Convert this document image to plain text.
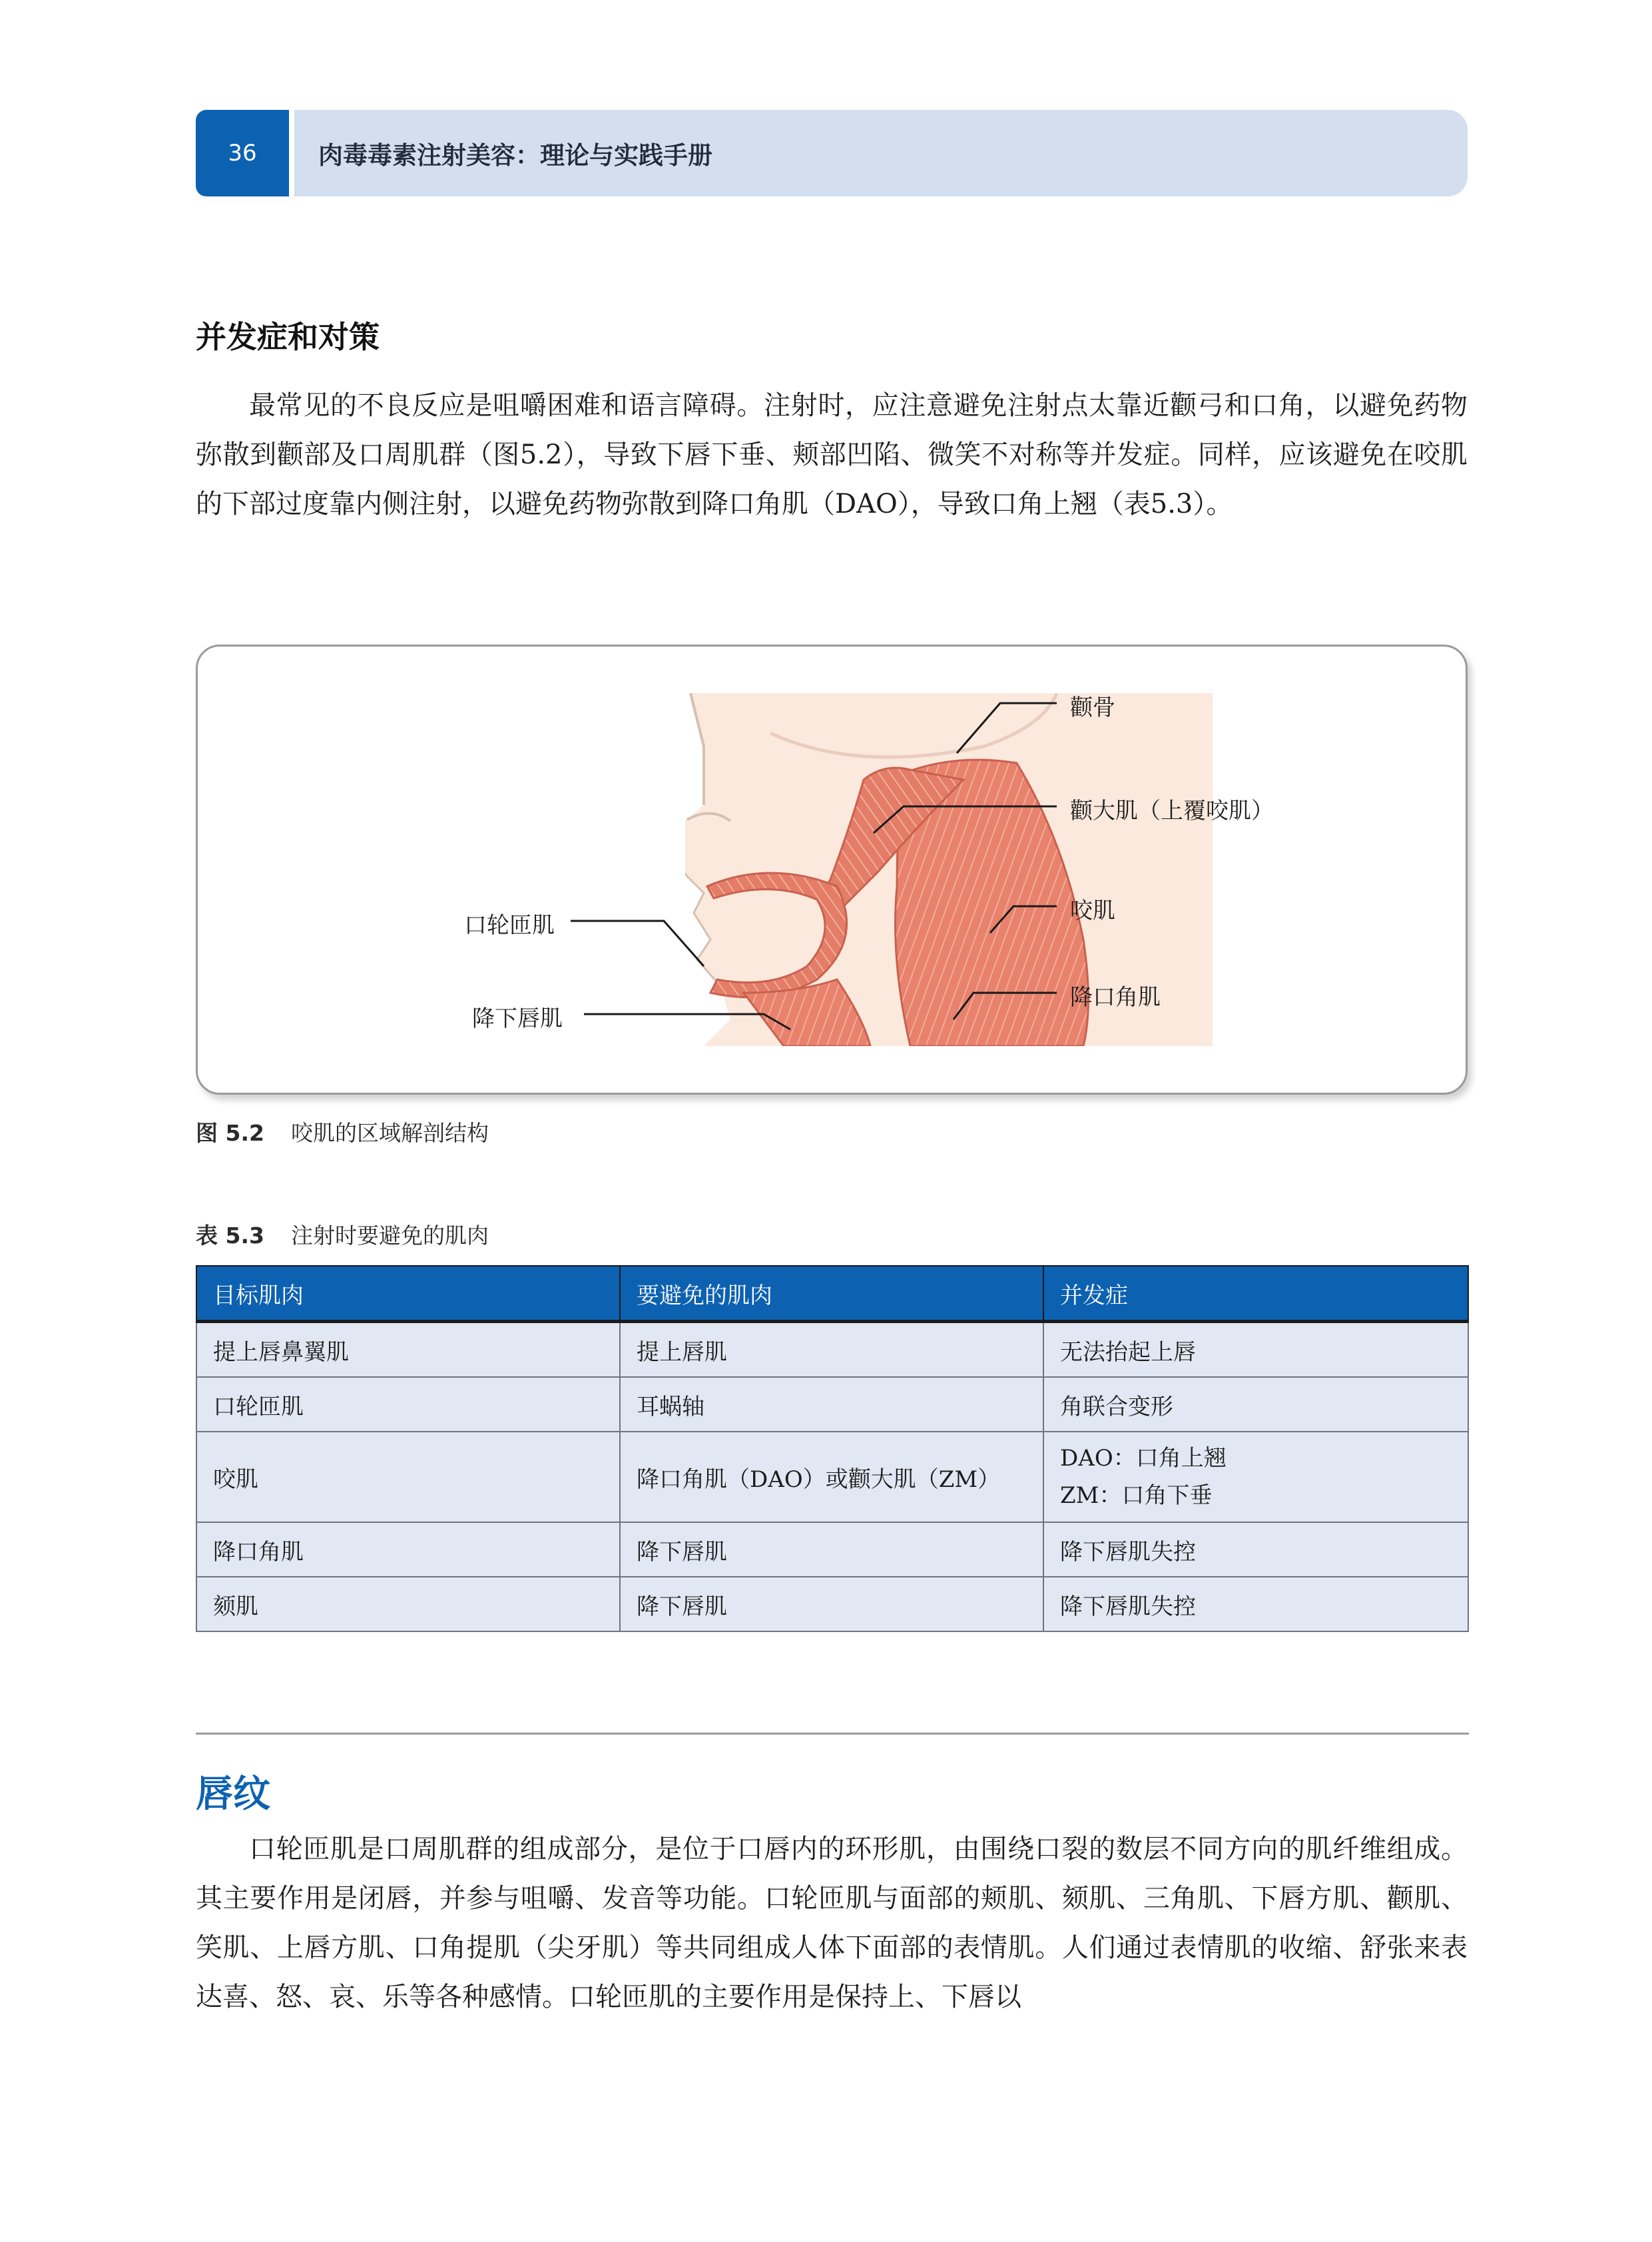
36	肉毒毒素注射美容：理论与实践手册
并发症和对策
最常见的不良反应是咀嚼困难和语言障碍。注射时，应注意避免注射点太靠近颧弓和口角，以避免药物弥散到颧部及口周肌群（图5.2），导致下唇下垂、颊部凹陷、微笑不对称等并发症。同样，应该避免在咬肌的下部过度靠内侧注射，以避免药物弥散到降口角肌（DAO），导致口角上翘（表5.3）。
颧骨
颧大肌（上覆咬肌）
咬肌
降口角肌
口轮匝肌
降下唇肌
图 5.2 咬肌的区域解剖结构
表 5.3 注射时要避免的肌肉
目标肌肉	要避免的肌肉	并发症
提上唇鼻翼肌	提上唇肌	无法抬起上唇
口轮匝肌	耳蜗轴	角联合变形
咬肌	降口角肌（DAO）或颧大肌（ZM）	DAO：口角上翘
ZM：口角下垂

降口角肌	降下唇肌	降下唇肌失控
颏肌	降下唇肌	降下唇肌失控
唇纹
口轮匝肌是口周肌群的组成部分，是位于口唇内的环形肌，由围绕口裂的数层不同方向的肌纤维组成。其主要作用是闭唇，并参与咀嚼、发音等功能。口轮匝肌与面部的颊肌、颏肌、三角肌、下唇方肌、颧肌、笑肌、上唇方肌、口角提肌（尖牙肌）等共同组成人体下面部的表情肌。人们通过表情肌的收缩、舒张来表达喜、怒、哀、乐等各种感情。口轮匝肌的主要作用是保持上、下唇以
